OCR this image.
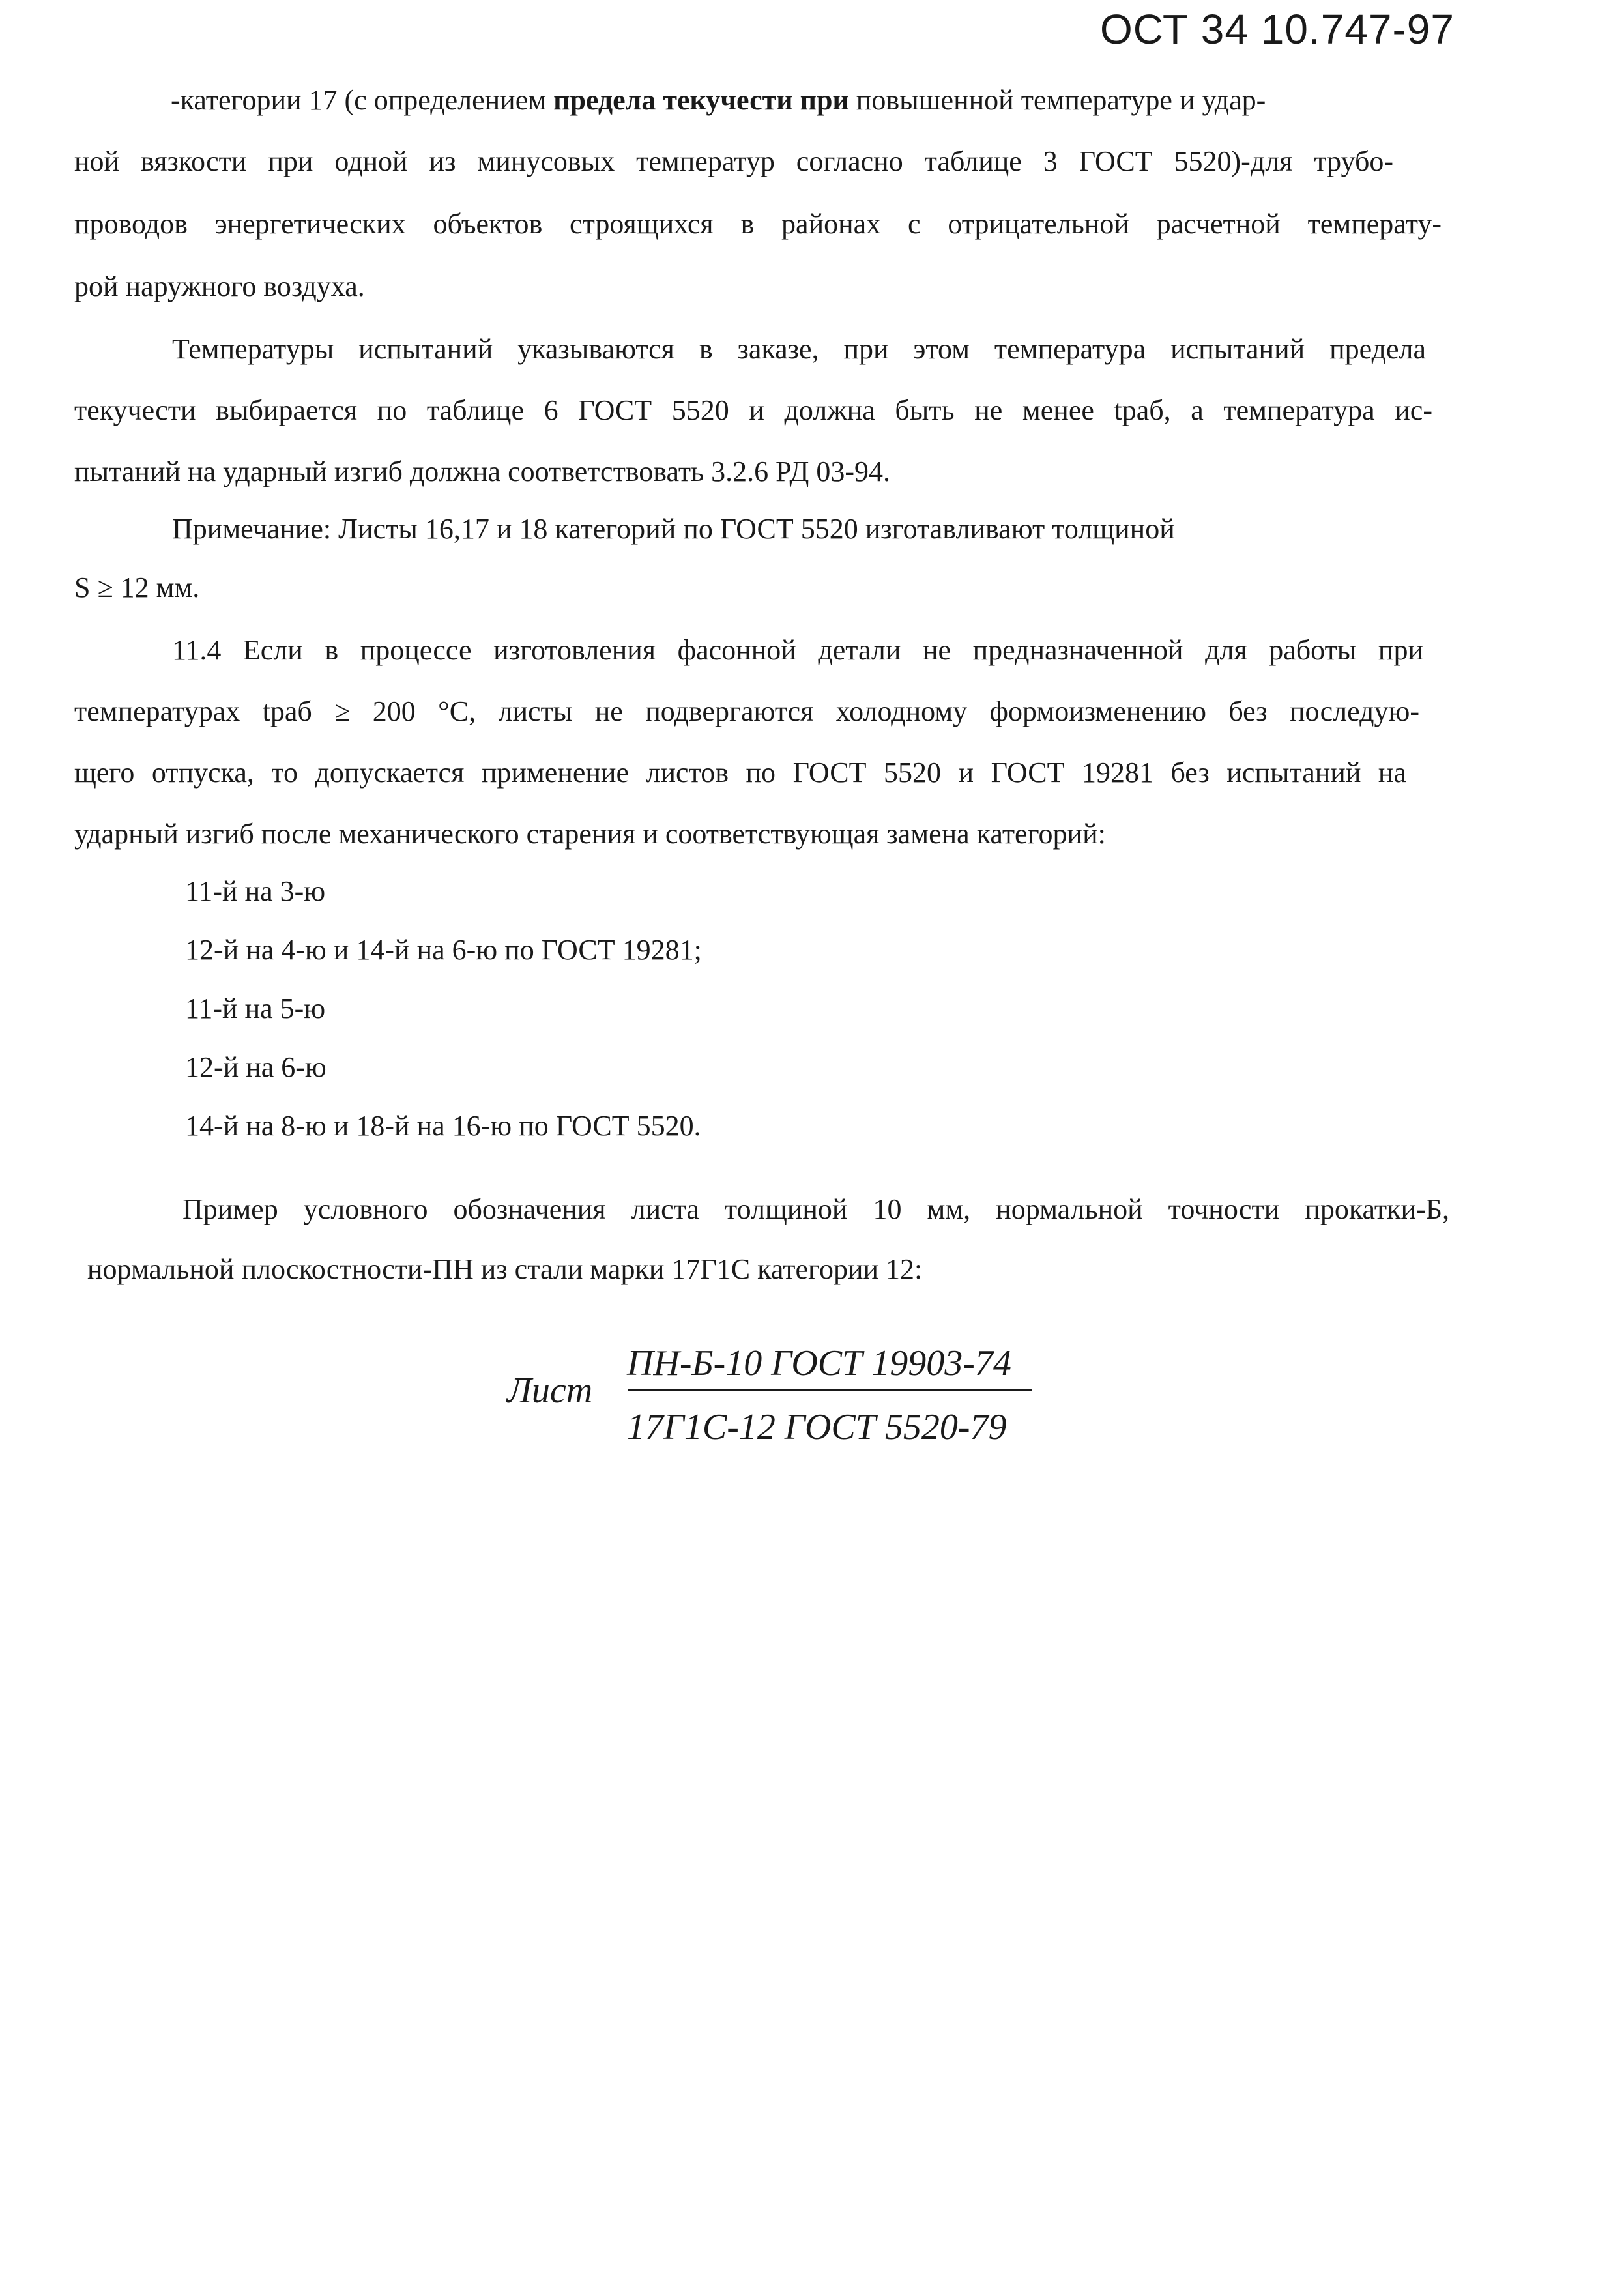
ОСТ 34 10.747-97
-категории 17 (с определением предела текучести при повышенной температуре и удар-
ной вязкости при одной из минусовых температур согласно таблице 3 ГОСТ 5520)-для трубо-
проводов энергетических объектов строящихся в районах с отрицательной расчетной температу-
рой наружного воздуха.
Температуры испытаний указываются в заказе, при этом температура испытаний предела
текучести выбирается по таблице 6 ГОСТ 5520 и должна быть не менее tраб, а температура ис-
пытаний на ударный изгиб должна соответствовать 3.2.6 РД 03-94.
Примечание: Листы 16,17 и 18 категорий по ГОСТ 5520 изготавливают толщиной
S ≥ 12 мм.
11.4 Если в процессе изготовления фасонной детали не предназначенной для работы при
температурах tраб ≥ 200 °С, листы не подвергаются холодному формоизменению без последую-
щего отпуска, то допускается применение листов по ГОСТ 5520 и ГОСТ 19281 без испытаний на
ударный изгиб после механического старения и соответствующая замена категорий:
11-й на 3-ю
12-й на 4-ю и 14-й на 6-ю по ГОСТ 19281;
11-й на 5-ю
12-й на 6-ю
14-й на 8-ю и 18-й на 16-ю по ГОСТ 5520.
Пример условного обозначения листа толщиной 10 мм, нормальной точности прокатки-Б,
нормальной плоскостности-ПН из стали марки 17Г1С категории 12:
Лист
ПН-Б-10 ГОСТ 19903-74
17Г1С-12 ГОСТ 5520-79
